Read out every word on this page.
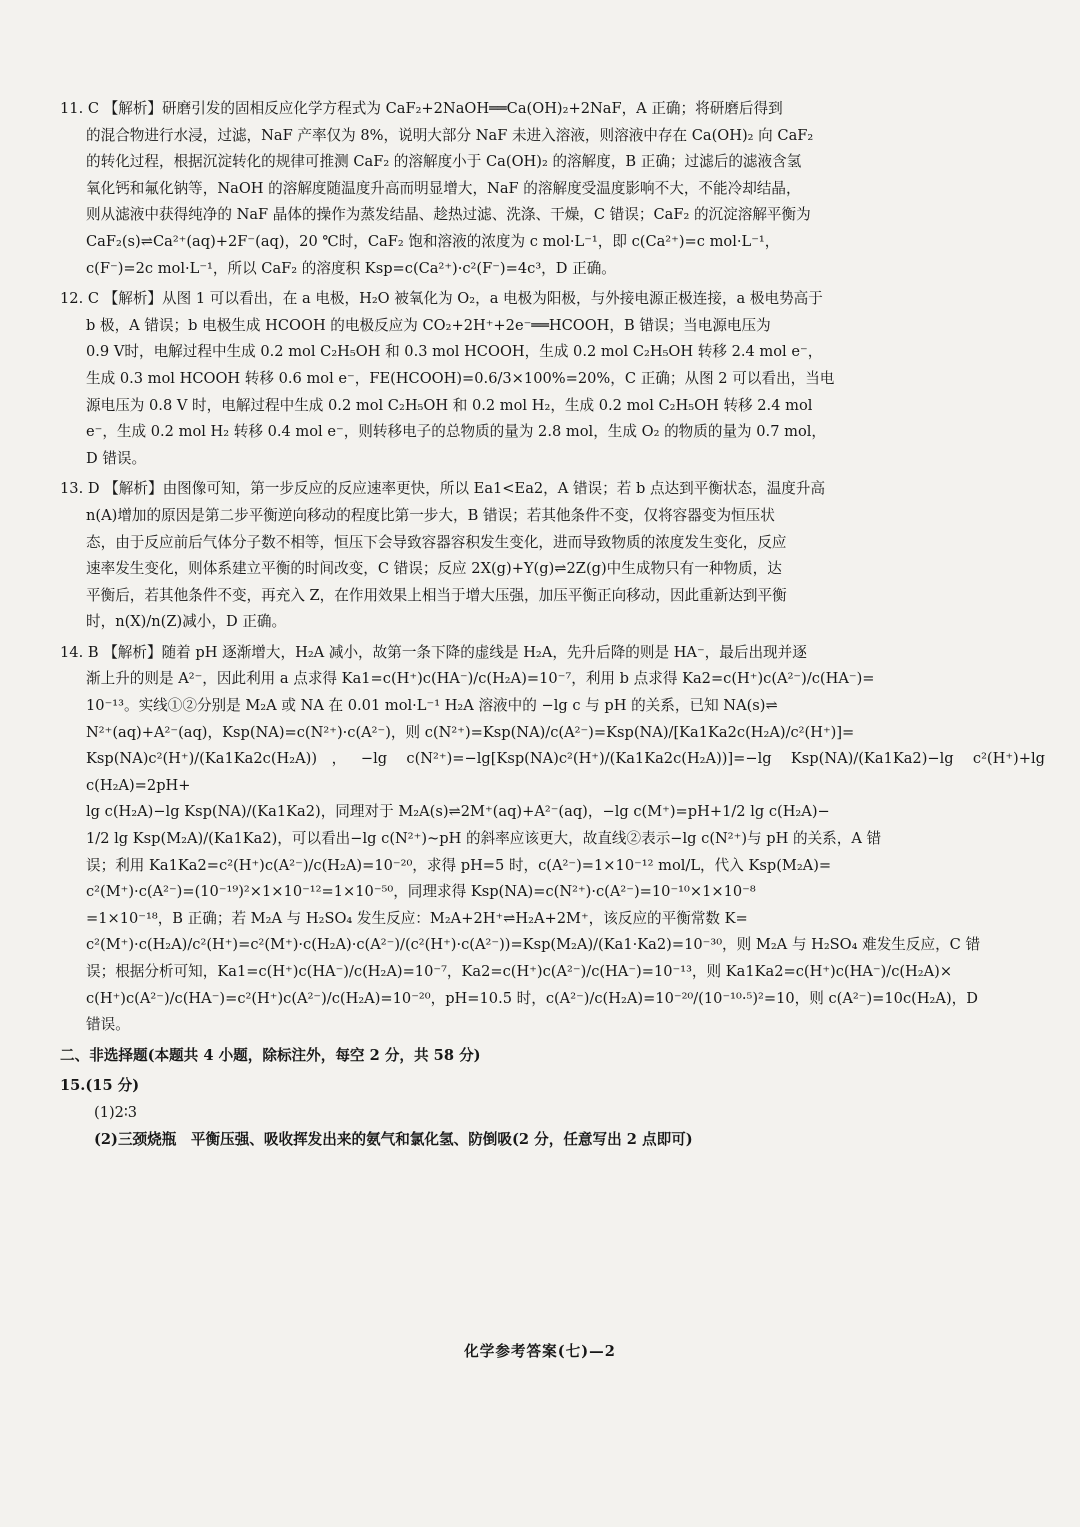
11. C 【解析】研磨引发的固相反应化学方程式为 CaF₂+2NaOH══Ca(OH)₂+2NaF，A 正确；将研磨后得到
的混合物进行水浸，过滤，NaF 产率仅为 8%，说明大部分 NaF 未进入溶液，则溶液中存在 Ca(OH)₂ 向 CaF₂
的转化过程，根据沉淀转化的规律可推测 CaF₂ 的溶解度小于 Ca(OH)₂ 的溶解度，B 正确；过滤后的滤液含氢
氧化钙和氟化钠等，NaOH 的溶解度随温度升高而明显增大，NaF 的溶解度受温度影响不大，不能冷却结晶，
则从滤液中获得纯净的 NaF 晶体的操作为蒸发结晶、趁热过滤、洗涤、干燥，C 错误；CaF₂ 的沉淀溶解平衡为
CaF₂(s)⇌Ca²⁺(aq)+2F⁻(aq)，20 ℃时，CaF₂ 饱和溶液的浓度为 c mol·L⁻¹，即 c(Ca²⁺)=c mol·L⁻¹，
c(F⁻)=2c mol·L⁻¹，所以 CaF₂ 的溶度积 Ksp=c(Ca²⁺)·c²(F⁻)=4c³，D 正确。
12. C 【解析】从图 1 可以看出，在 a 电极，H₂O 被氧化为 O₂，a 电极为阳极，与外接电源正极连接，a 极电势高于
b 极，A 错误；b 电极生成 HCOOH 的电极反应为 CO₂+2H⁺+2e⁻══HCOOH，B 错误；当电源电压为
0.9 V时，电解过程中生成 0.2 mol C₂H₅OH 和 0.3 mol HCOOH，生成 0.2 mol C₂H₅OH 转移 2.4 mol e⁻，
生成 0.3 mol HCOOH 转移 0.6 mol e⁻，FE(HCOOH)=0.6/3×100%=20%，C 正确；从图 2 可以看出，当电
源电压为 0.8 V 时，电解过程中生成 0.2 mol C₂H₅OH 和 0.2 mol H₂，生成 0.2 mol C₂H₅OH 转移 2.4 mol
e⁻，生成 0.2 mol H₂ 转移 0.4 mol e⁻，则转移电子的总物质的量为 2.8 mol，生成 O₂ 的物质的量为 0.7 mol，
D 错误。
13. D 【解析】由图像可知，第一步反应的反应速率更快，所以 Ea1<Ea2，A 错误；若 b 点达到平衡状态，温度升高
n(A)增加的原因是第二步平衡逆向移动的程度比第一步大，B 错误；若其他条件不变，仅将容器变为恒压状
态，由于反应前后气体分子数不相等，恒压下会导致容器容积发生变化，进而导致物质的浓度发生变化，反应
速率发生变化，则体系建立平衡的时间改变，C 错误；反应 2X(g)+Y(g)⇌2Z(g)中生成物只有一种物质，达
平衡后，若其他条件不变，再充入 Z，在作用效果上相当于增大压强，加压平衡正向移动，因此重新达到平衡
时，n(X)/n(Z)减小，D 正确。
14. B 【解析】随着 pH 逐渐增大，H₂A 减小，故第一条下降的虚线是 H₂A，先升后降的则是 HA⁻，最后出现并逐
渐上升的则是 A²⁻，因此利用 a 点求得 Ka1=c(H⁺)c(HA⁻)/c(H₂A)=10⁻⁷，利用 b 点求得 Ka2=c(H⁺)c(A²⁻)/c(HA⁻)=
10⁻¹³。实线①②分别是 M₂A 或 NA 在 0.01 mol·L⁻¹ H₂A 溶液中的 −lg c 与 pH 的关系，已知 NA(s)⇌
N²⁺(aq)+A²⁻(aq)，Ksp(NA)=c(N²⁺)·c(A²⁻)，则 c(N²⁺)=Ksp(NA)/c(A²⁻)=Ksp(NA)/[Ka1Ka2c(H₂A)/c²(H⁺)]=
Ksp(NA)c²(H⁺)/(Ka1Ka2c(H₂A))，−lg c(N²⁺)=−lg[Ksp(NA)c²(H⁺)/(Ka1Ka2c(H₂A))]=−lg Ksp(NA)/(Ka1Ka2)−lg c²(H⁺)+lg c(H₂A)=2pH+
lg c(H₂A)−lg Ksp(NA)/(Ka1Ka2)，同理对于 M₂A(s)⇌2M⁺(aq)+A²⁻(aq)，−lg c(M⁺)=pH+1/2 lg c(H₂A)−
1/2 lg Ksp(M₂A)/(Ka1Ka2)，可以看出−lg c(N²⁺)~pH 的斜率应该更大，故直线②表示−lg c(N²⁺)与 pH 的关系，A 错
误；利用 Ka1Ka2=c²(H⁺)c(A²⁻)/c(H₂A)=10⁻²⁰，求得 pH=5 时，c(A²⁻)=1×10⁻¹² mol/L，代入 Ksp(M₂A)=
c²(M⁺)·c(A²⁻)=(10⁻¹⁹)²×1×10⁻¹²=1×10⁻⁵⁰，同理求得 Ksp(NA)=c(N²⁺)·c(A²⁻)=10⁻¹⁰×1×10⁻⁸
=1×10⁻¹⁸，B 正确；若 M₂A 与 H₂SO₄ 发生反应：M₂A+2H⁺⇌H₂A+2M⁺，该反应的平衡常数 K=
c²(M⁺)·c(H₂A)/c²(H⁺)=c²(M⁺)·c(H₂A)·c(A²⁻)/(c²(H⁺)·c(A²⁻))=Ksp(M₂A)/(Ka1·Ka2)=10⁻³⁰，则 M₂A 与 H₂SO₄ 难发生反应，C 错
误；根据分析可知，Ka1=c(H⁺)c(HA⁻)/c(H₂A)=10⁻⁷，Ka2=c(H⁺)c(A²⁻)/c(HA⁻)=10⁻¹³，则 Ka1Ka2=c(H⁺)c(HA⁻)/c(H₂A)×
c(H⁺)c(A²⁻)/c(HA⁻)=c²(H⁺)c(A²⁻)/c(H₂A)=10⁻²⁰，pH=10.5 时，c(A²⁻)/c(H₂A)=10⁻²⁰/(10⁻¹⁰·⁵)²=10，则 c(A²⁻)=10c(H₂A)，D
错误。
二、非选择题(本题共 4 小题，除标注外，每空 2 分，共 58 分)
15.(15 分)
(1)2∶3
(2)三颈烧瓶　平衡压强、吸收挥发出来的氨气和氯化氢、防倒吸(2 分，任意写出 2 点即可)
化学参考答案(七)—2
